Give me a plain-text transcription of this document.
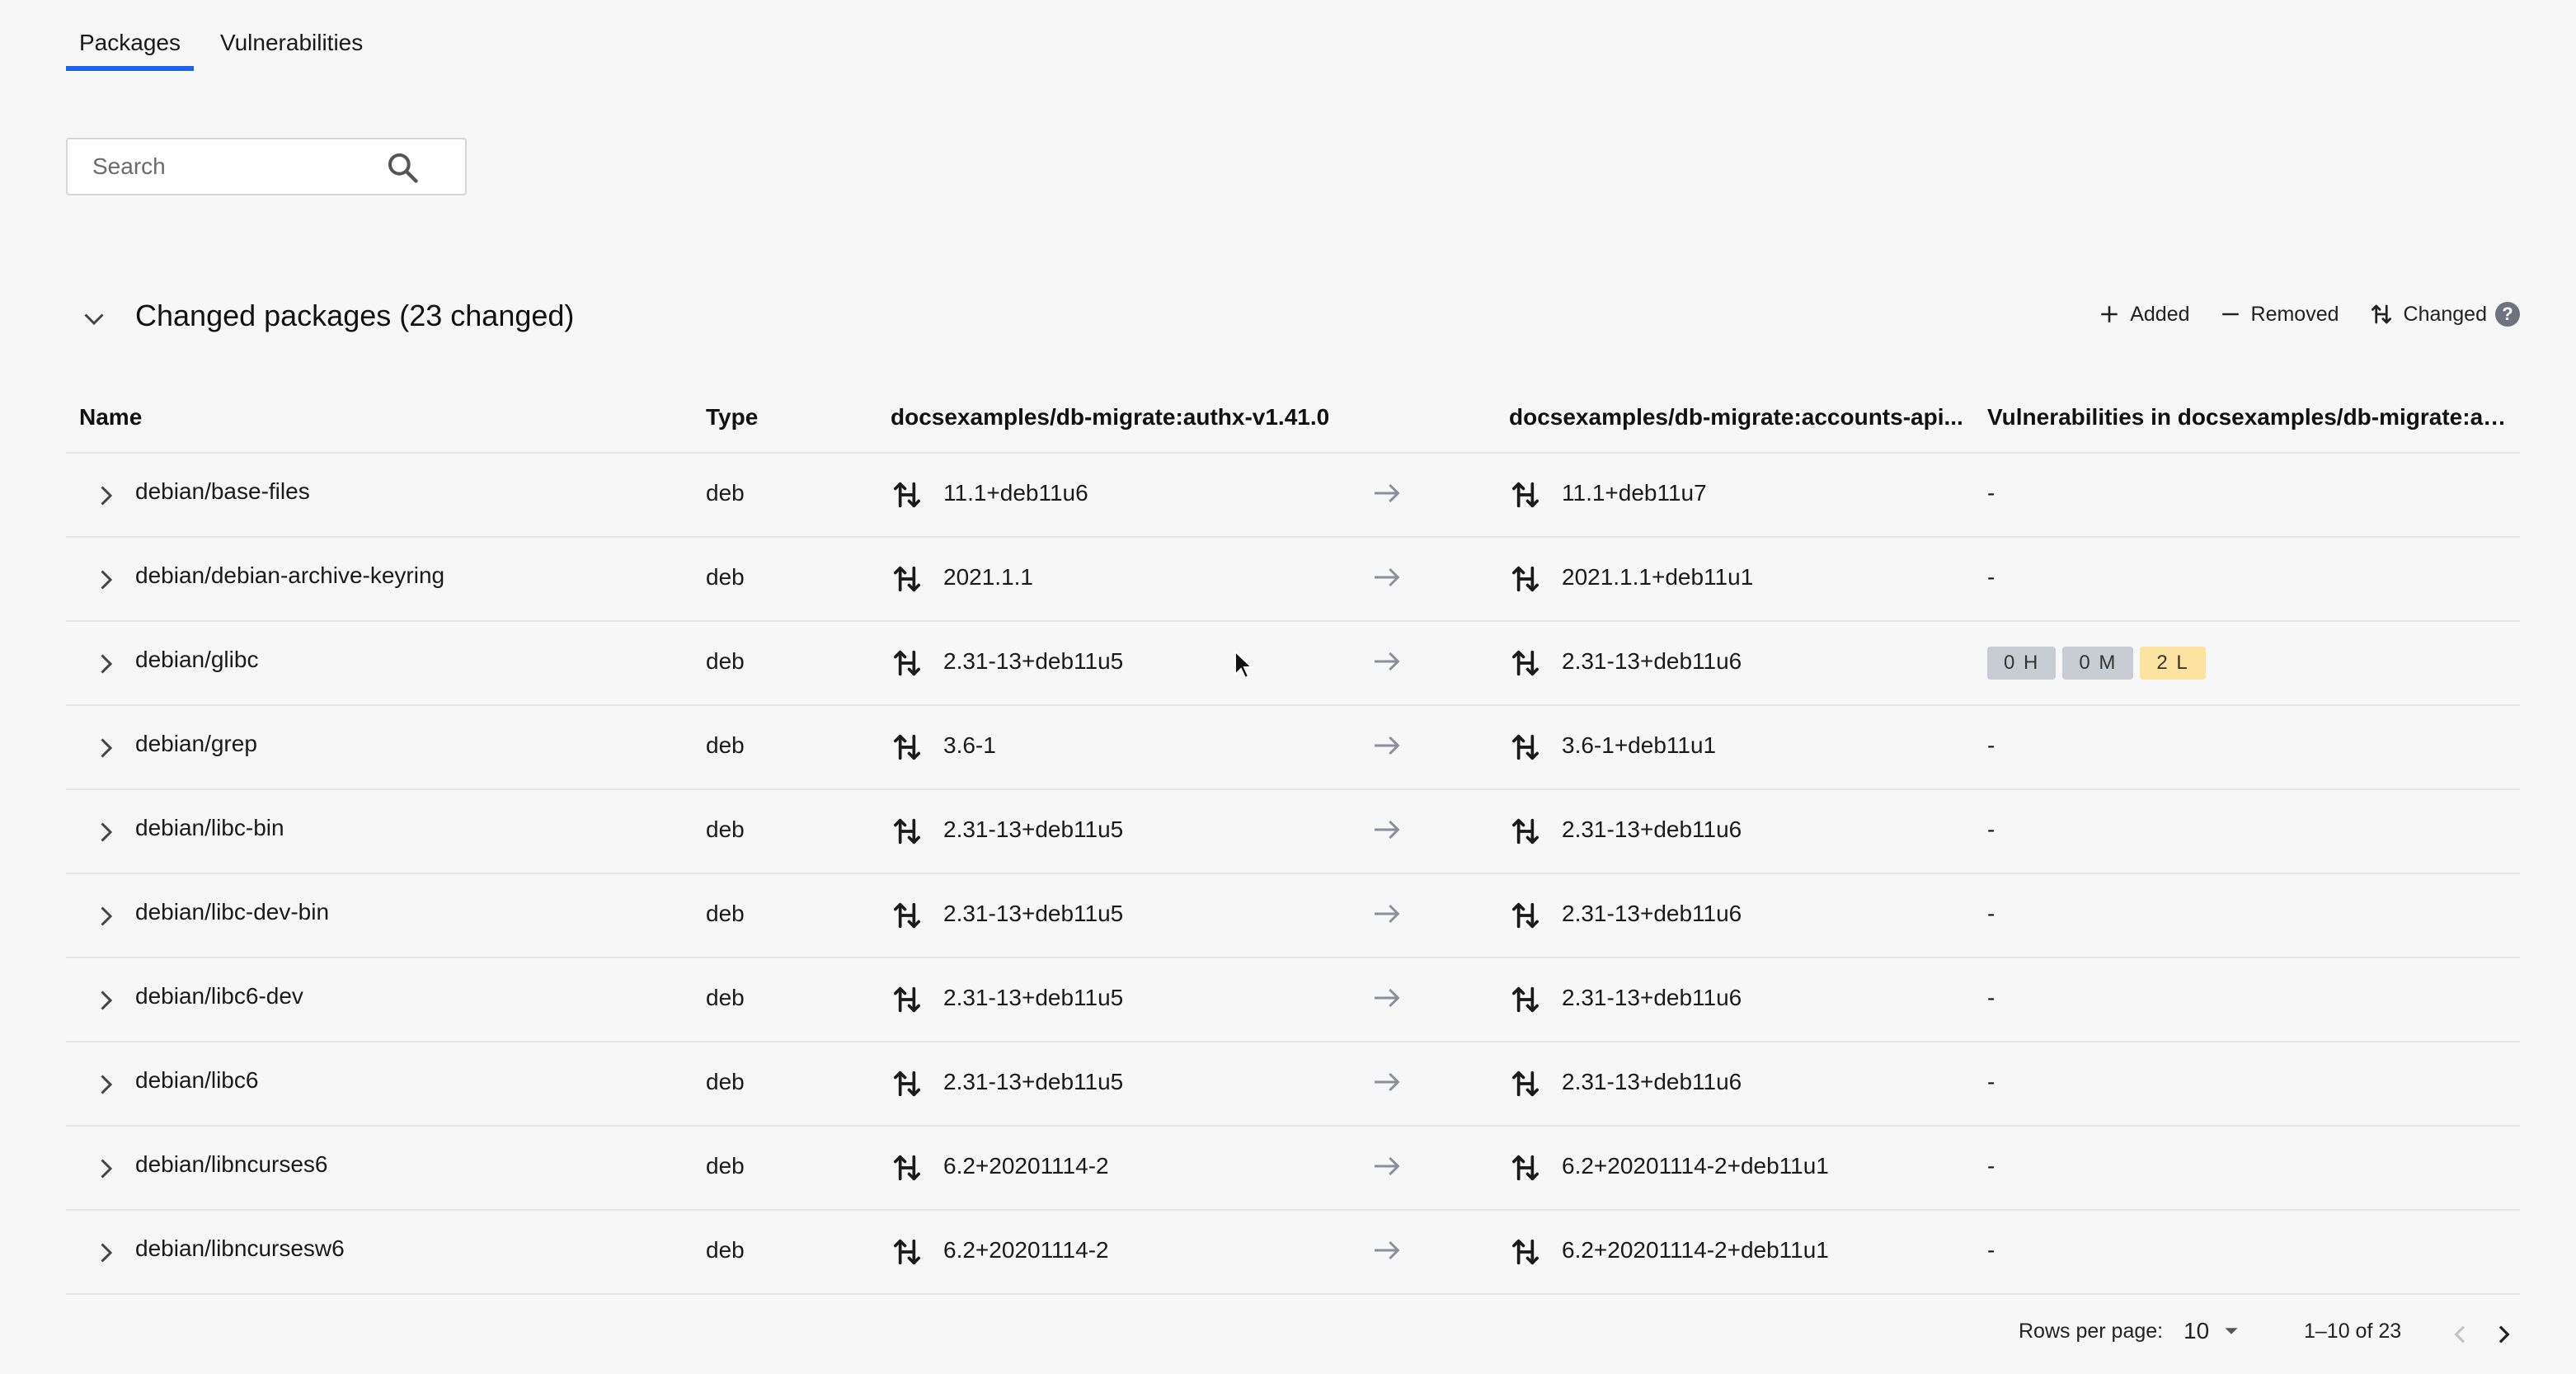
Packages	Vulnerabilities
Search
Changed packages (23 changed)	Added	Removed	Changed ?
Name	Type	docsexamples/db-migrate:authx-v1.41.0	docsexamples/db-migrate:accounts-api...	Vulnerabilities in docsexamples/db-migrate:ac...
debian/base-files	deb	11.1+deb11u6	11.1+deb11u7	-
debian/debian-archive-keyring	deb	2021.1.1	2021.1.1+deb11u1	-
debian/glibc	deb	2.31-13+deb11u5	2.31-13+deb11u6	0 H	0 M	2 L
debian/grep	deb	3.6-1	3.6-1+deb11u1	-
debian/libc-bin	deb	2.31-13+deb11u5	2.31-13+deb11u6	-
debian/libc-dev-bin	deb	2.31-13+deb11u5	2.31-13+deb11u6	-
debian/libc6-dev	deb	2.31-13+deb11u5	2.31-13+deb11u6	-
debian/libc6	deb	2.31-13+deb11u5	2.31-13+deb11u6	-
debian/libncurses6	deb	6.2+20201114-2	6.2+20201114-2+deb11u1	-
debian/libncursesw6	deb	6.2+20201114-2	6.2+20201114-2+deb11u1	-
Rows per page: 10	1–10 of 23
